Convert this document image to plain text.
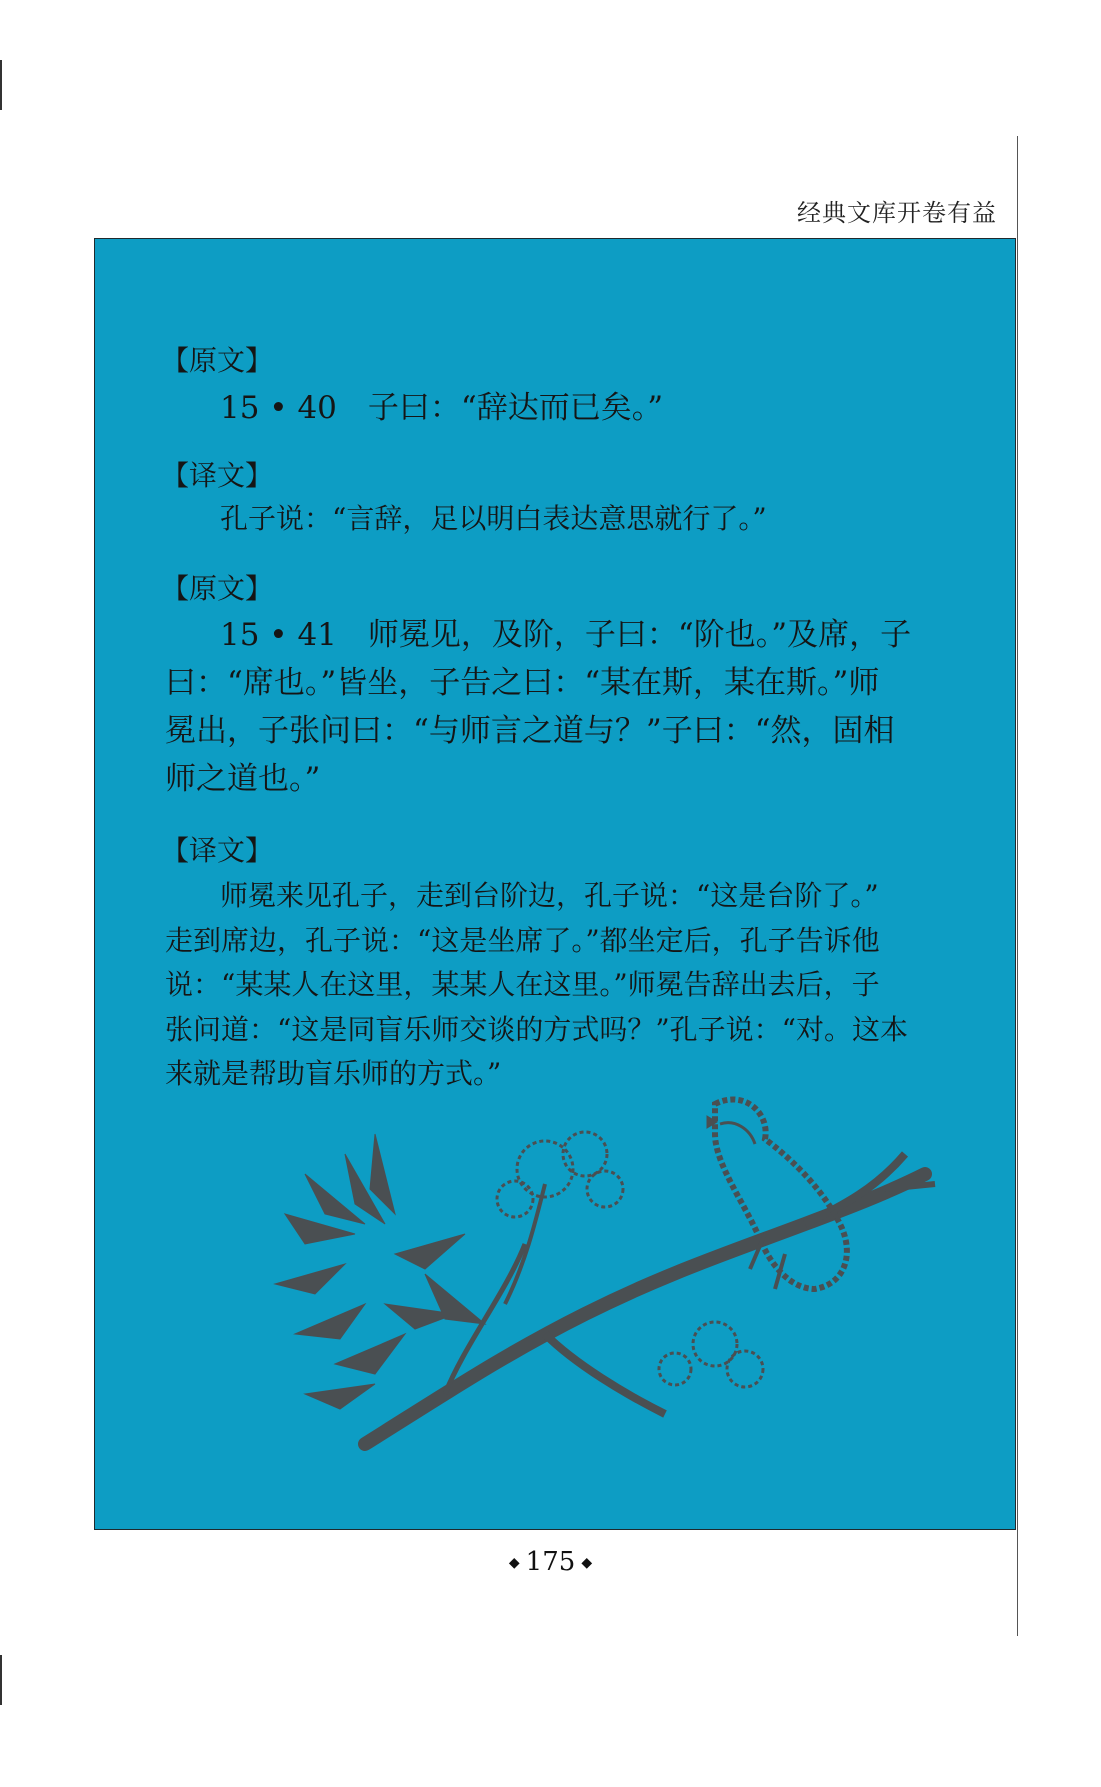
经典文库开卷有益
【原文】
15 • 40　子曰：“辞达而已矣。”
【译文】
孔子说：“言辞，足以明白表达意思就行了。”
【原文】
15 • 41　师冕见，及阶，子曰：“阶也。”及席，子
曰：“席也。”皆坐，子告之曰：“某在斯，某在斯。”师
冕出，子张问曰：“与师言之道与？”子曰：“然，固相
师之道也。”
【译文】
师冕来见孔子，走到台阶边，孔子说：“这是台阶了。”
走到席边，孔子说：“这是坐席了。”都坐定后，孔子告诉他
说：“某某人在这里，某某人在这里。”师冕告辞出去后，子
张问道：“这是同盲乐师交谈的方式吗？”孔子说：“对。这本
来就是帮助盲乐师的方式。”
◆ 175 ◆
